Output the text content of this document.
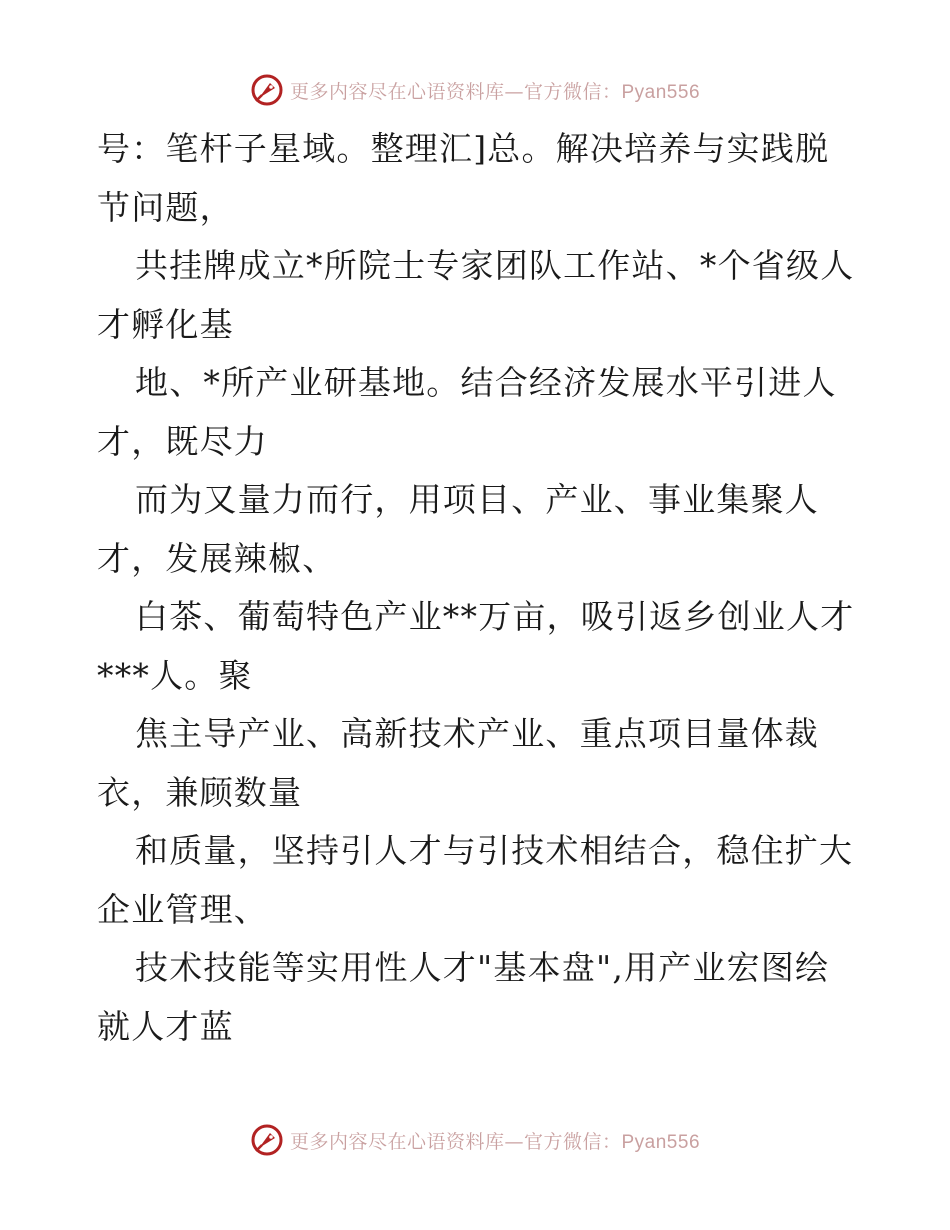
更多内容尽在心语资料库—官方微信：Pyan556
号：笔杆子星域。整理汇]总。解决培养与实践脱
节问题，
共挂牌成立*所院士专家团队工作站、*个省级人
才孵化基
地、*所产业研基地。结合经济发展水平引进人
才，既尽力
而为又量力而行，用项目、产业、事业集聚人
才，发展辣椒、
白茶、葡萄特色产业**万亩，吸引返乡创业人才
***人。聚
焦主导产业、高新技术产业、重点项目量体裁
衣，兼顾数量
和质量，坚持引人才与引技术相结合，稳住扩大
企业管理、
技术技能等实用性人才"基本盘",用产业宏图绘
就人才蓝
更多内容尽在心语资料库—官方微信：Pyan556
